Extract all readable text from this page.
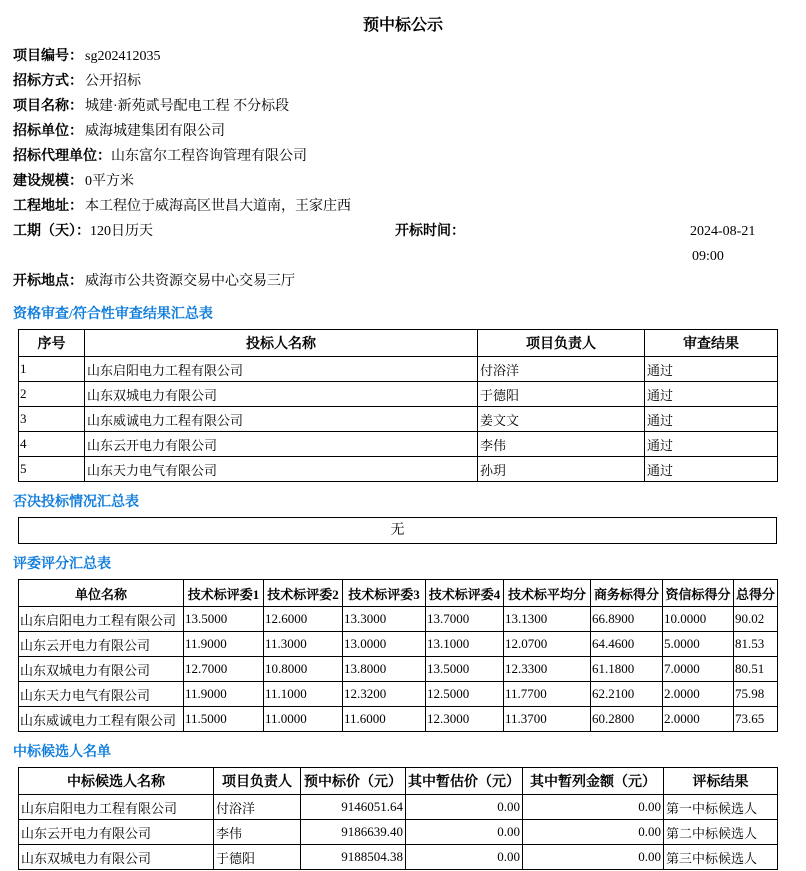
预中标公示
项目编号： sg202412035
招标方式： 公开招标
项目名称： 城建·新苑贰号配电工程 不分标段
招标单位： 威海城建集团有限公司
招标代理单位：山东富尔工程咨询管理有限公司
建设规模： 0平方米
工程地址： 本工程位于威海高区世昌大道南，王家庄西
工期（天）：120日历天	开标时间：	2024-08-21
09:00
开标地点： 威海市公共资源交易中心交易三厅
资格审查/符合性审查结果汇总表
序号	投标人名称	项目负责人	审查结果
1	山东启阳电力工程有限公司	付浴洋	通过
2	山东双城电力有限公司	于德阳	通过
3	山东威诚电力工程有限公司	姜文文	通过
4	山东云开电力有限公司	李伟	通过
5	山东天力电气有限公司	孙玥	通过
否决投标情况汇总表
无
评委评分汇总表
单位名称	技术标评委1	技术标评委2	技术标评委3	技术标评委4	技术标平均分	商务标得分	资信标得分	总得分
山东启阳电力工程有限公司	13.5000	12.6000	13.3000	13.7000	13.1300	66.8900	10.0000	90.02
山东云开电力有限公司	11.9000	11.3000	13.0000	13.1000	12.0700	64.4600	5.0000	81.53
山东双城电力有限公司	12.7000	10.8000	13.8000	13.5000	12.3300	61.1800	7.0000	80.51
山东天力电气有限公司	11.9000	11.1000	12.3200	12.5000	11.7700	62.2100	2.0000	75.98
山东威诚电力工程有限公司	11.5000	11.0000	11.6000	12.3000	11.3700	60.2800	2.0000	73.65
中标候选人名单
中标候选人名称	项目负责人	预中标价（元）	其中暂估价（元）	其中暂列金额（元）	评标结果
山东启阳电力工程有限公司	付浴洋	9146051.64	0.00	0.00	第一中标候选人
山东云开电力有限公司	李伟	9186639.40	0.00	0.00	第二中标候选人
山东双城电力有限公司	于德阳	9188504.38	0.00	0.00	第三中标候选人
